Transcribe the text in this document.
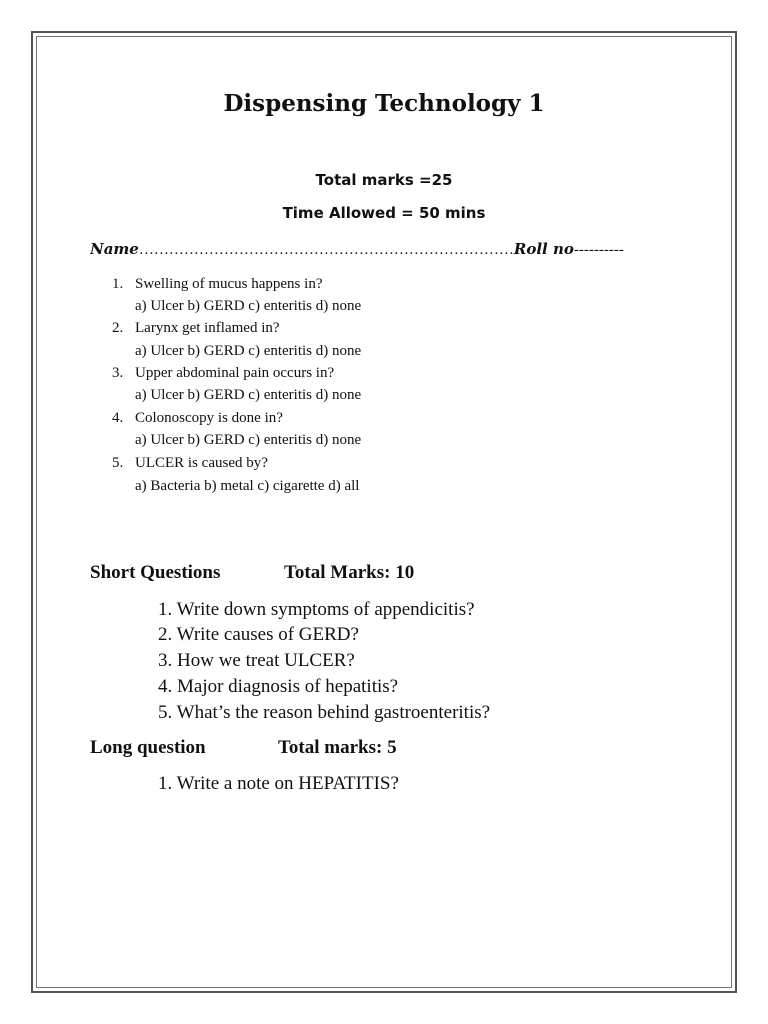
Dispensing Technology 1
Total marks =25
Time Allowed = 50 mins
Name…………………………………………………………………Roll no----------
1. Swelling of mucus happens in?
a) Ulcer b) GERD c) enteritis d) none
2. Larynx get inflamed in?
a) Ulcer b) GERD c) enteritis d) none
3. Upper abdominal pain occurs in?
a) Ulcer b) GERD c) enteritis d) none
4. Colonoscopy is done in?
a) Ulcer b) GERD c) enteritis d) none
5. ULCER is caused by?
a) Bacteria b) metal c) cigarette d) all
Short Questions	Total Marks: 10
1. Write down symptoms of appendicitis?
2. Write causes of GERD?
3. How we treat ULCER?
4. Major diagnosis of hepatitis?
5. What’s the reason behind gastroenteritis?
Long question	Total marks: 5
1. Write a note on HEPATITIS?
